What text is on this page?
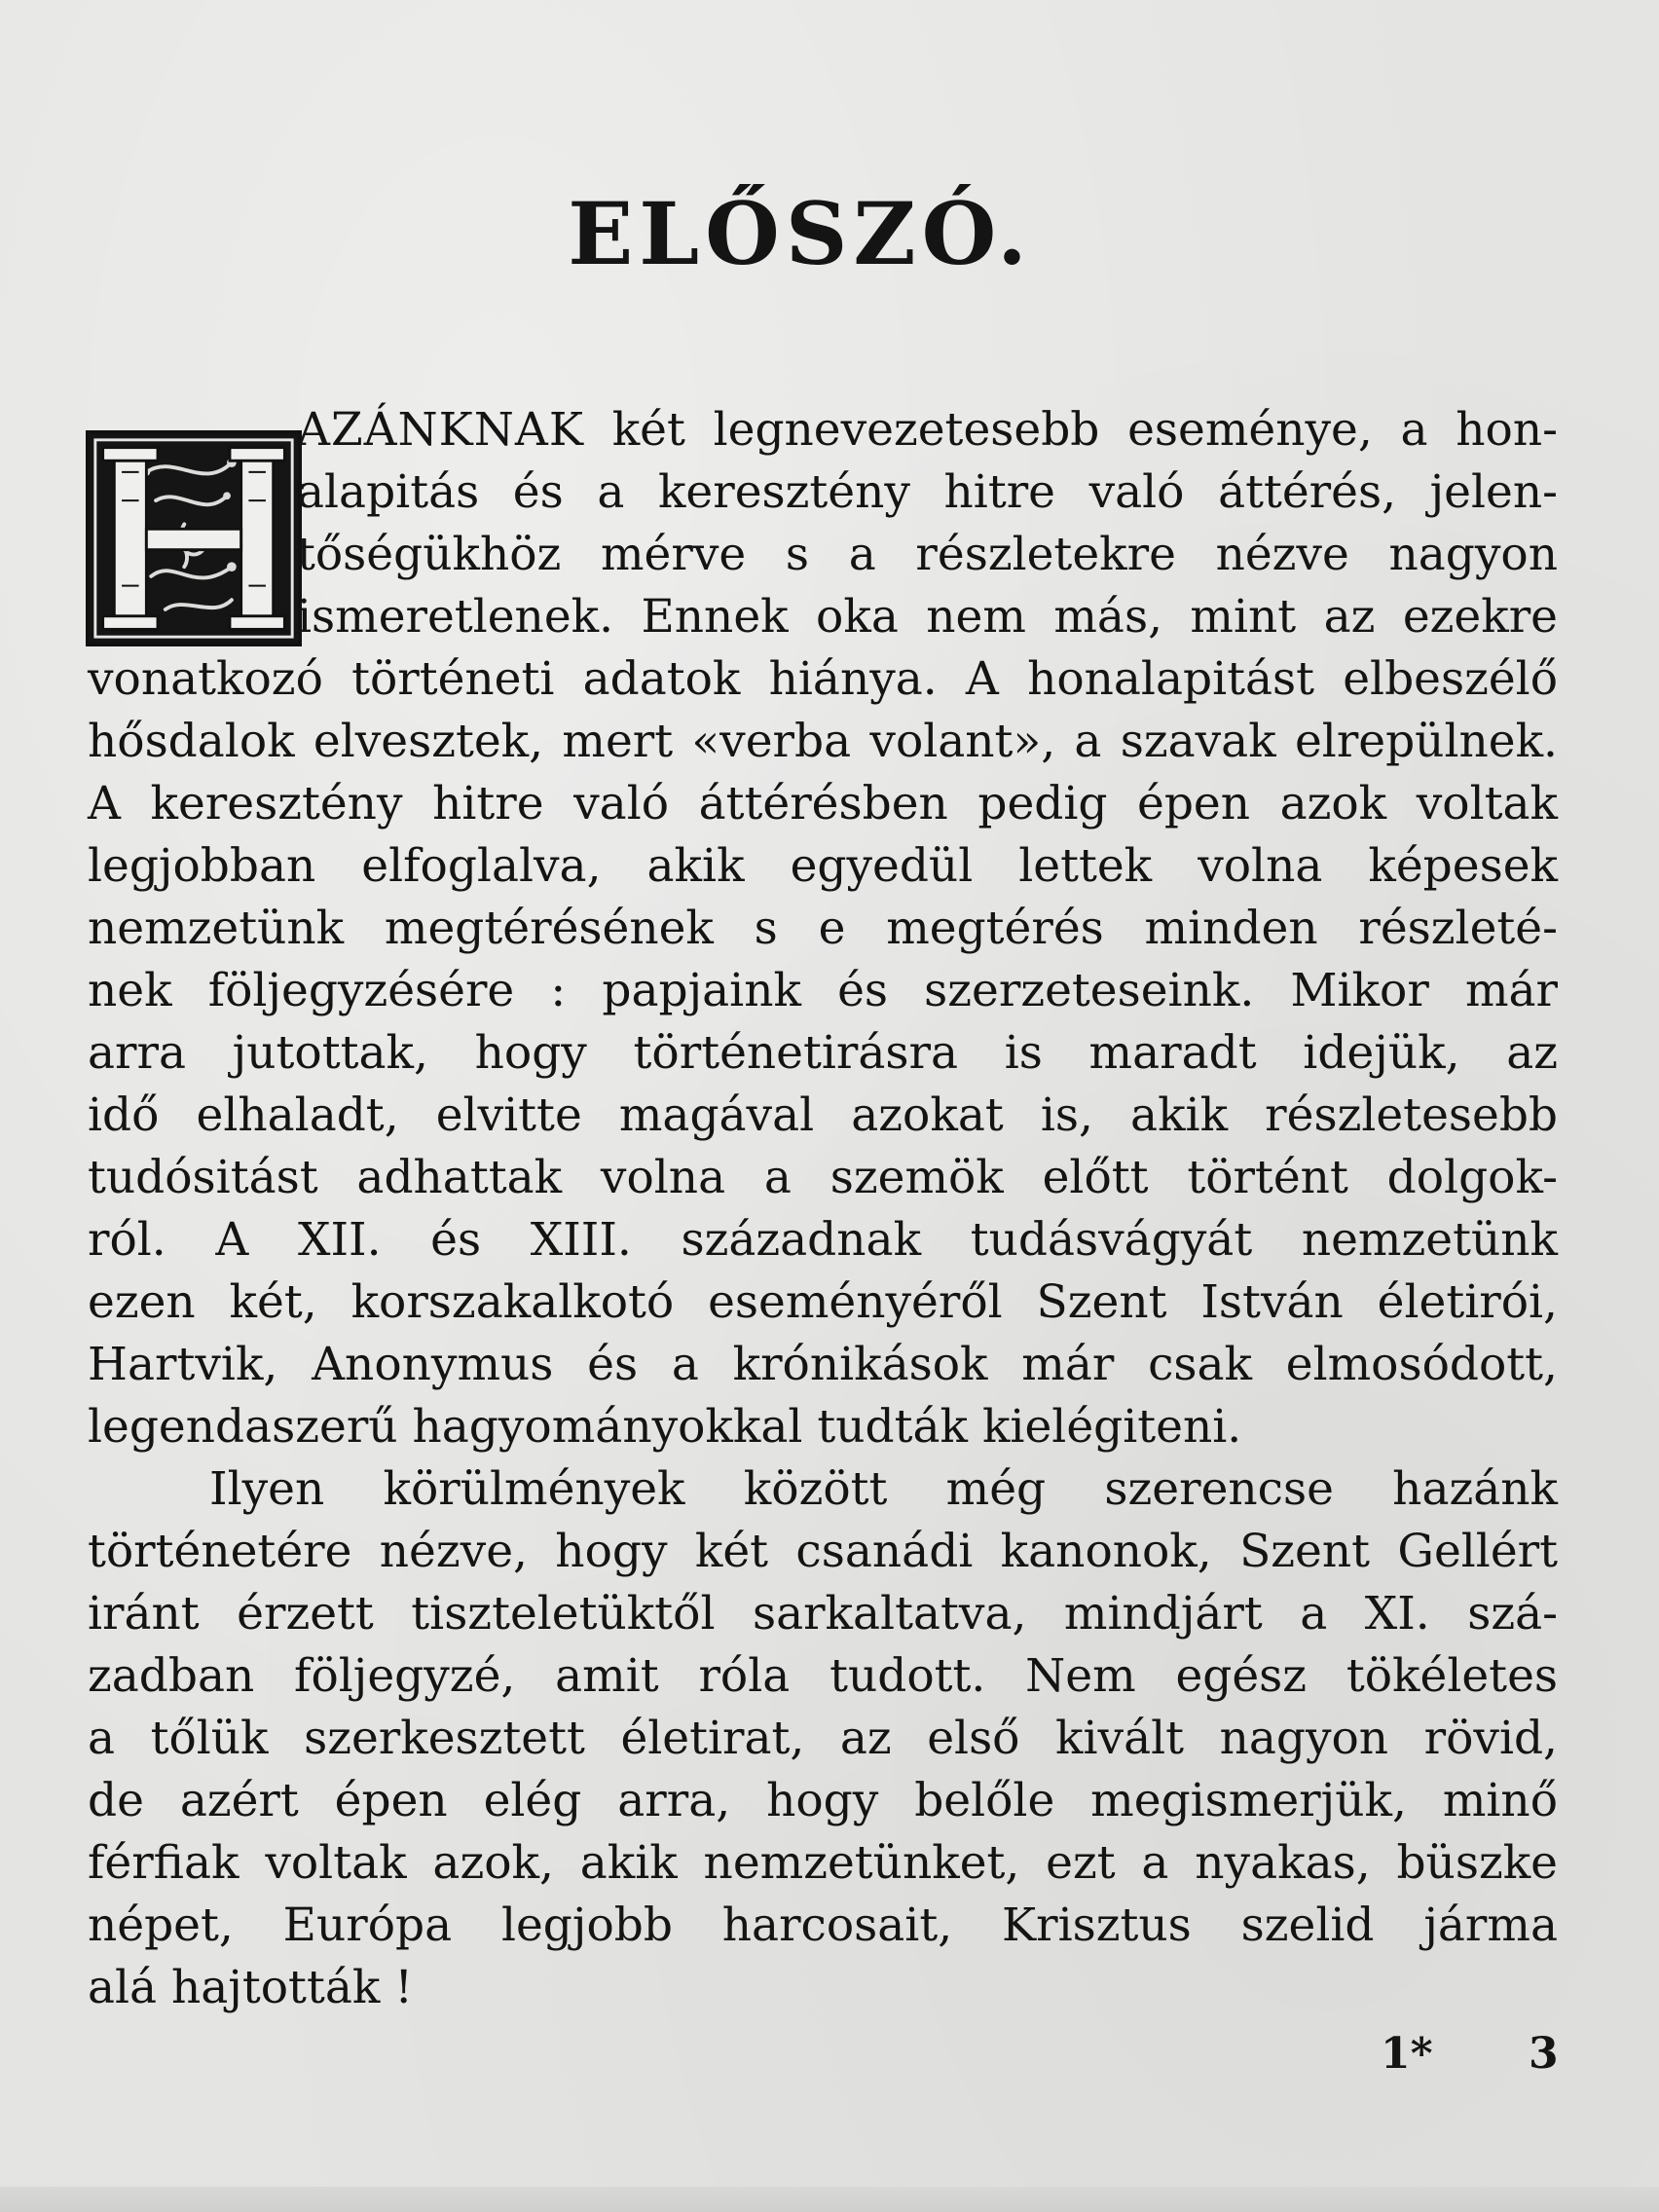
ELŐSZÓ.
AZÁNKNAK két legnevezetesebb eseménye, a hon-
alapitás és a keresztény hitre való áttérés, jelen-
tőségükhöz mérve s a részletekre nézve nagyon
ismeretlenek. Ennek oka nem más, mint az ezekre
vonatkozó történeti adatok hiánya. A honalapitást elbeszélő
hősdalok elvesztek, mert «verba volant», a szavak elrepülnek.
A keresztény hitre való áttérésben pedig épen azok voltak
legjobban elfoglalva, akik egyedül lettek volna képesek
nemzetünk megtérésének s e megtérés minden részleté-
nek följegyzésére : papjaink és szerzeteseink. Mikor már
arra jutottak, hogy történetirásra is maradt idejük, az
idő elhaladt, elvitte magával azokat is, akik részletesebb
tudósitást adhattak volna a szemök előtt történt dolgok-
ról. A XII. és XIII. századnak tudásvágyát nemzetünk
ezen két, korszakalkotó eseményéről Szent István életirói,
Hartvik, Anonymus és a krónikások már csak elmosódott,
legendaszerű hagyományokkal tudták kielégiteni.
Ilyen körülmények között még szerencse hazánk
történetére nézve, hogy két csanádi kanonok, Szent Gellért
iránt érzett tiszteletüktől sarkaltatva, mindjárt a XI. szá-
zadban följegyzé, amit róla tudott. Nem egész tökéletes
a tőlük szerkesztett életirat, az első kivált nagyon rövid,
de azért épen elég arra, hogy belőle megismerjük, minő
férfiak voltak azok, akik nemzetünket, ezt a nyakas, büszke
népet, Európa legjobb harcosait, Krisztus szelid járma
alá hajtották !
1* 3
